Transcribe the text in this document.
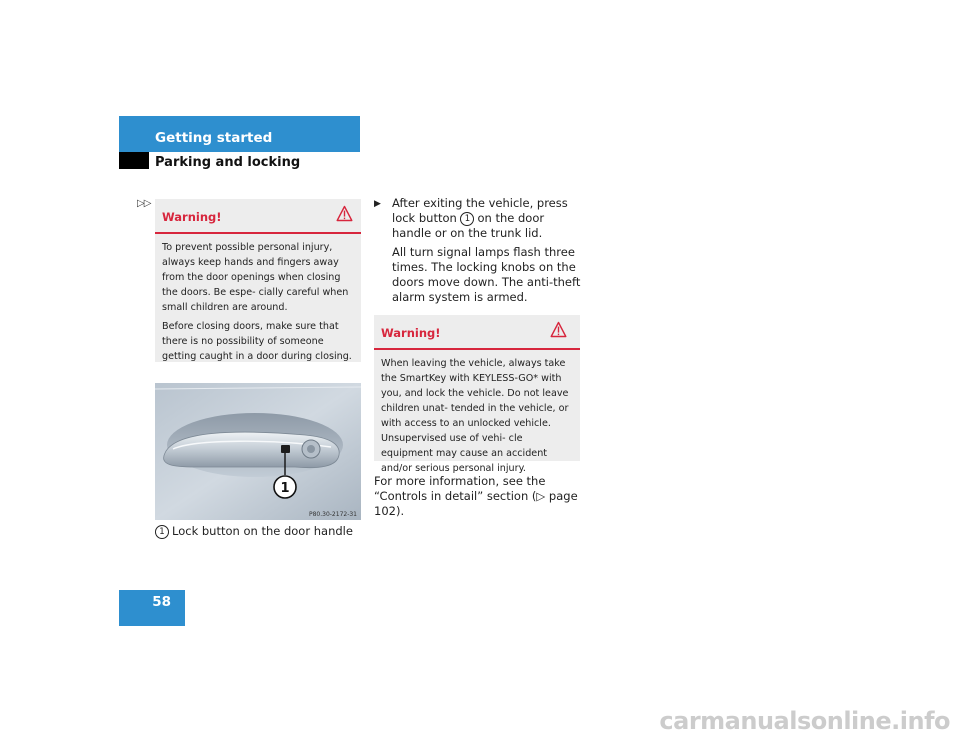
Getting started
Parking and locking
▷▷
Warning!

To prevent possible personal injury, always keep hands and fingers away from the door openings when closing the doors. Be espe- cially careful when small children are around.

Before closing doors, make sure that there is no possibility of someone getting caught in a door during closing.

1
P80.30-2172-31
1 Lock button on the door handle
▶ After exiting the vehicle, press lock button 1 on the door handle or on the trunk lid.

All turn signal lamps flash three times. The locking knobs on the doors move down. The anti-theft alarm system is armed.

Warning!

When leaving the vehicle, always take the SmartKey with KEYLESS-GO* with you, and lock the vehicle. Do not leave children unat- tended in the vehicle, or with access to an unlocked vehicle. Unsupervised use of vehi- cle equipment may cause an accident and/or serious personal injury.

For more information, see the “Controls in detail” section (▷ page 102).
58
carmanualsonline.info
